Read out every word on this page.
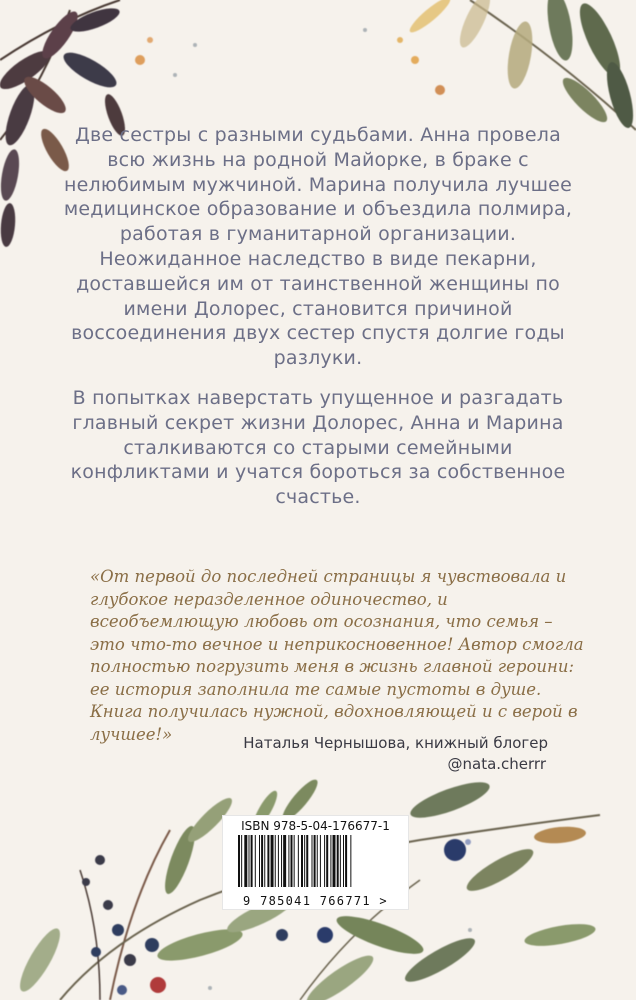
Две сестры с разными судьбами. Анна провела всю жизнь на родной Майорке, в браке с нелюбимым мужчиной. Марина получила лучшее медицинское образование и объездила полмира, работая в гуманитарной организации. Неожиданное наследство в виде пекарни, доставшейся им от таинственной женщины по имени Долорес, становится причиной воссоединения двух сестер спустя долгие годы разлуки.

В попытках наверстать упущенное и разгадать главный секрет жизни Долорес, Анна и Марина сталкиваются со старыми семейными конфликтами и учатся бороться за собственное счастье.

«От первой до последней страницы я чувствовала и глубокое неразделенное одиночество, и всеобъемлющую любовь от осознания, что семья – это что-то вечное и неприкосновенное! Автор смогла полностью погрузить меня в жизнь главной героини: ее история заполнила те самые пустоты в душе. Книга получилась нужной, вдохновляющей и с верой в лучшее!»	Наталья Чернышова, книжный блогер
@nata.cherrr
ISBN 978-5-04-176677-1
9 785041 766771 >
